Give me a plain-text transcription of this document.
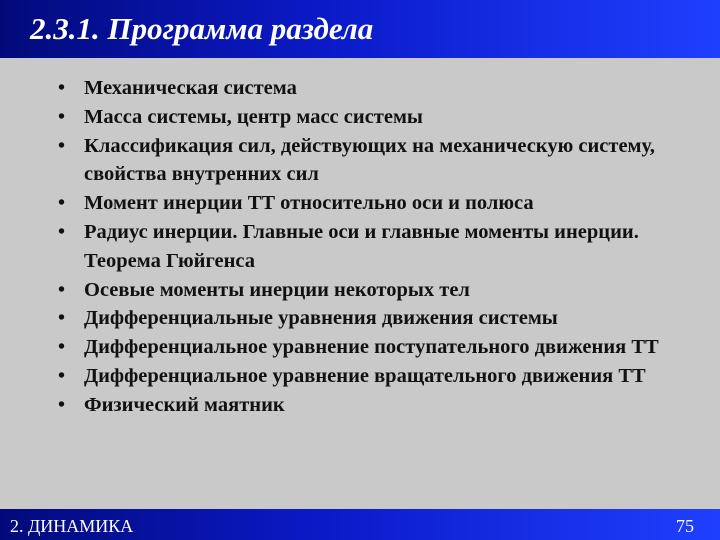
2.3.1. Программа раздела
• Механическая система
• Масса системы, центр масс системы
• Классификация сил, действующих на механическую систему, свойства внутренних сил
• Момент инерции ТТ относительно оси и полюса
• Радиус инерции. Главные оси и главные моменты инерции. Теорема Гюйгенса
• Осевые моменты инерции некоторых тел
• Дифференциальные уравнения движения системы
• Дифференциальное уравнение поступательного движения ТТ
• Дифференциальное уравнение вращательного движения ТТ
• Физический маятник
2. ДИНАМИКА	75
